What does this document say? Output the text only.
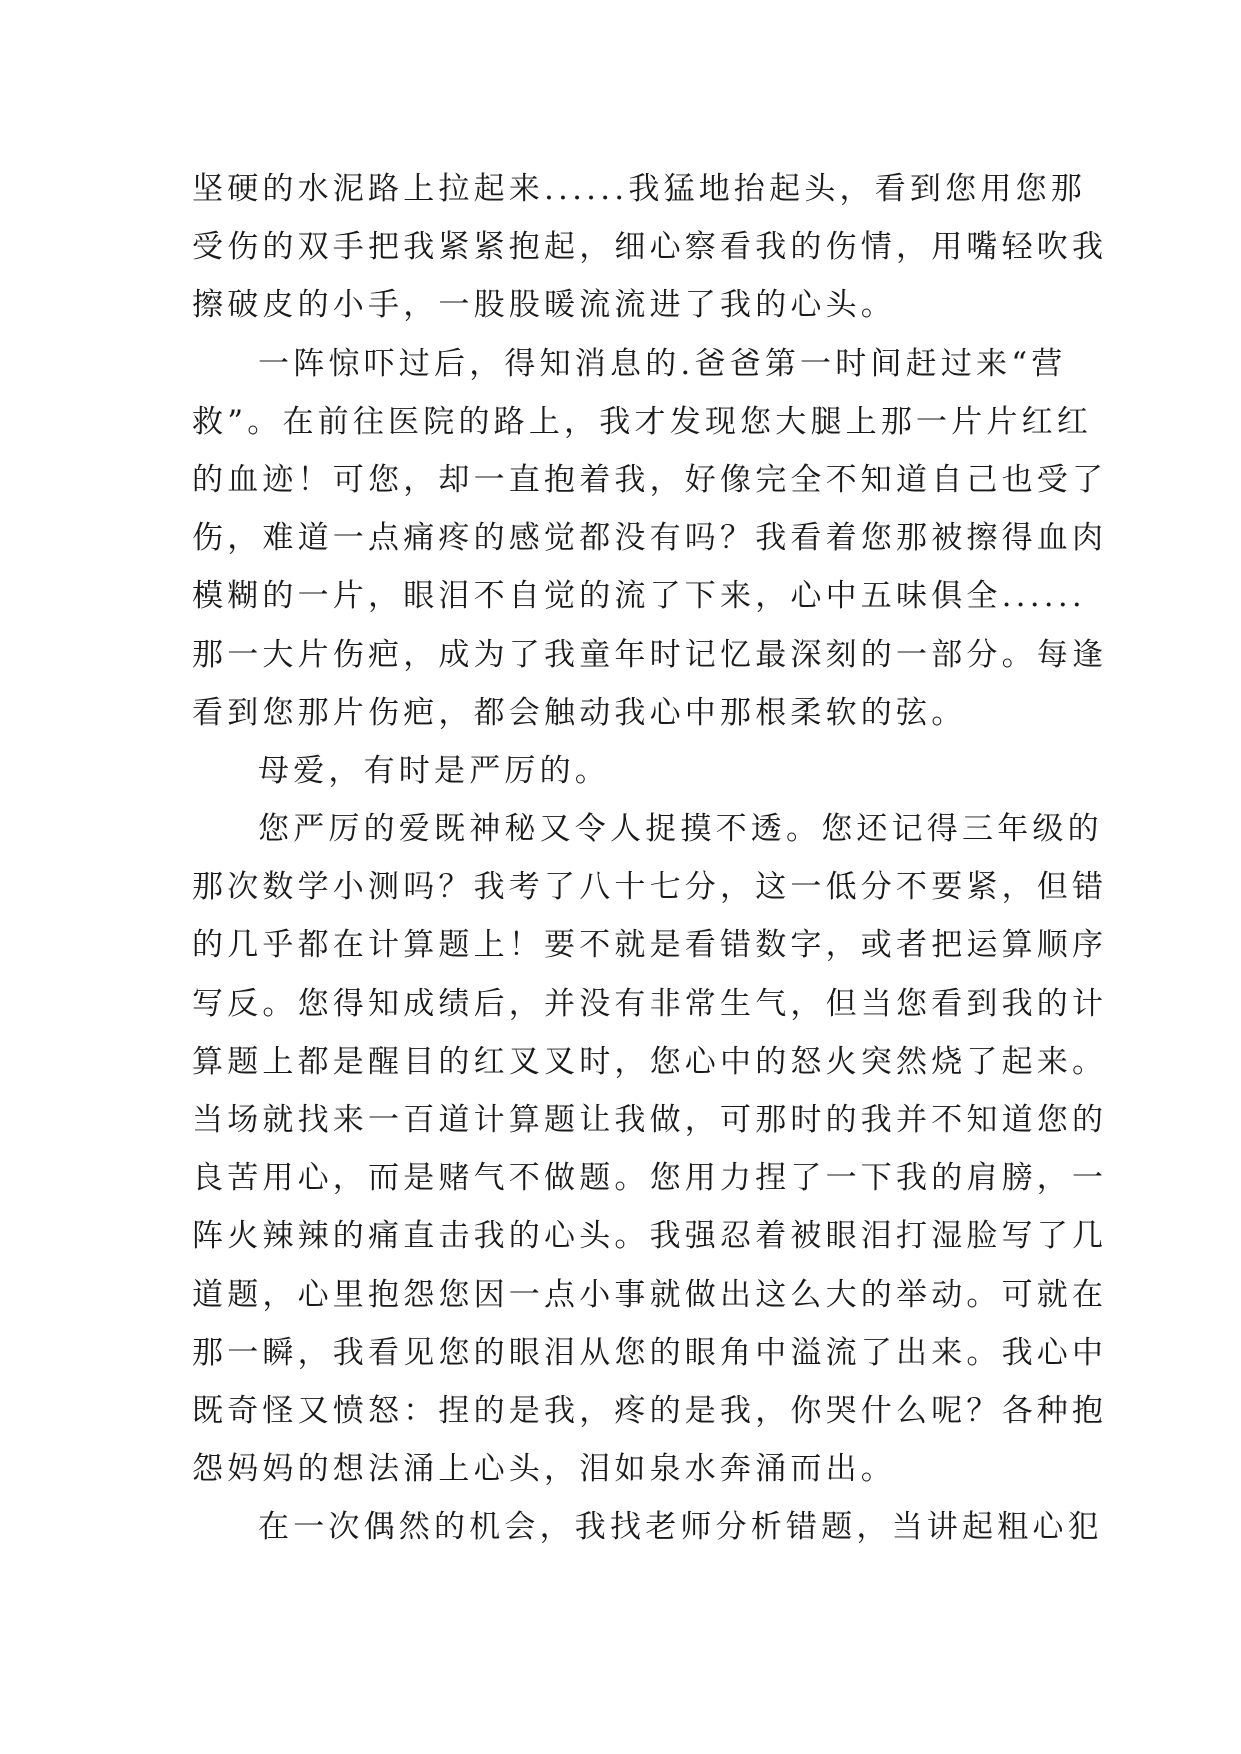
坚硬的水泥路上拉起来......我猛地抬起头，看到您用您那
受伤的双手把我紧紧抱起，细心察看我的伤情，用嘴轻吹我
擦破皮的小手，一股股暖流流进了我的心头。
一阵惊吓过后，得知消息的.爸爸第一时间赶过来“营
救”。在前往医院的路上，我才发现您大腿上那一片片红红
的血迹！可您，却一直抱着我，好像完全不知道自己也受了
伤，难道一点痛疼的感觉都没有吗？我看着您那被擦得血肉
模糊的一片，眼泪不自觉的流了下来，心中五味俱全......
那一大片伤疤，成为了我童年时记忆最深刻的一部分。每逢
看到您那片伤疤，都会触动我心中那根柔软的弦。
母爱，有时是严厉的。
您严厉的爱既神秘又令人捉摸不透。您还记得三年级的
那次数学小测吗？我考了八十七分，这一低分不要紧，但错
的几乎都在计算题上！要不就是看错数字，或者把运算顺序
写反。您得知成绩后，并没有非常生气，但当您看到我的计
算题上都是醒目的红叉叉时，您心中的怒火突然烧了起来。
当场就找来一百道计算题让我做，可那时的我并不知道您的
良苦用心，而是赌气不做题。您用力捏了一下我的肩膀，一
阵火辣辣的痛直击我的心头。我强忍着被眼泪打湿脸写了几
道题，心里抱怨您因一点小事就做出这么大的举动。可就在
那一瞬，我看见您的眼泪从您的眼角中溢流了出来。我心中
既奇怪又愤怒：捏的是我，疼的是我，你哭什么呢？各种抱
怨妈妈的想法涌上心头，泪如泉水奔涌而出。
在一次偶然的机会，我找老师分析错题，当讲起粗心犯
